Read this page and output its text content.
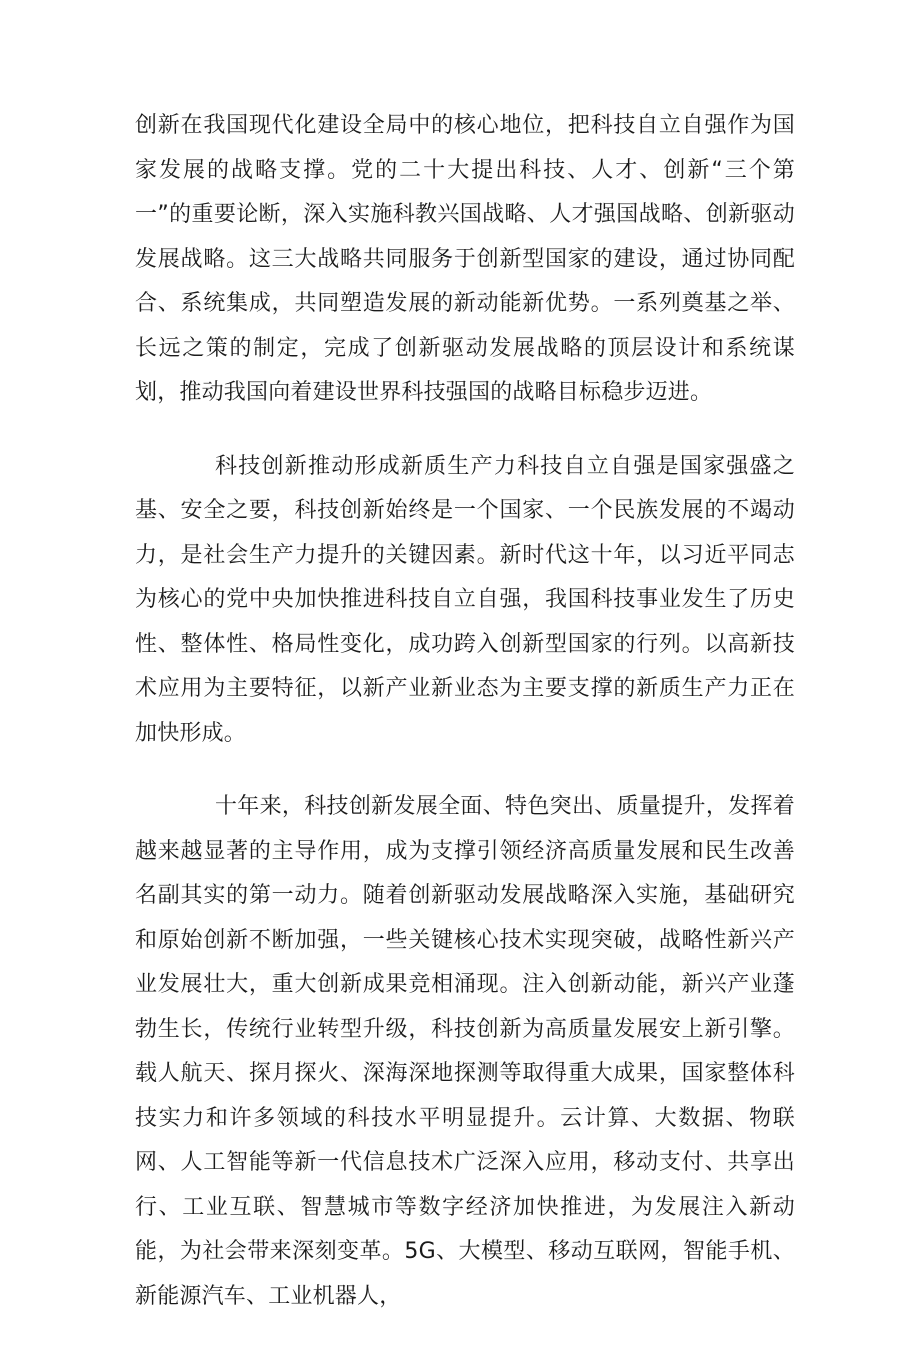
创新在我国现代化建设全局中的核心地位，把科技自立自强作为国家发展的战略支撑。党的二十大提出科技、人才、创新“三个第一”的重要论断，深入实施科教兴国战略、人才强国战略、创新驱动发展战略。这三大战略共同服务于创新型国家的建设，通过协同配合、系统集成，共同塑造发展的新动能新优势。一系列奠基之举、长远之策的制定，完成了创新驱动发展战略的顶层设计和系统谋划，推动我国向着建设世界科技强国的战略目标稳步迈进。

科技创新推动形成新质生产力科技自立自强是国家强盛之基、安全之要，科技创新始终是一个国家、一个民族发展的不竭动力，是社会生产力提升的关键因素。新时代这十年，以习近平同志为核心的党中央加快推进科技自立自强，我国科技事业发生了历史性、整体性、格局性变化，成功跨入创新型国家的行列。以高新技术应用为主要特征，以新产业新业态为主要支撑的新质生产力正在加快形成。

十年来，科技创新发展全面、特色突出、质量提升，发挥着越来越显著的主导作用，成为支撑引领经济高质量发展和民生改善名副其实的第一动力。随着创新驱动发展战略深入实施，基础研究和原始创新不断加强，一些关键核心技术实现突破，战略性新兴产业发展壮大，重大创新成果竞相涌现。注入创新动能，新兴产业蓬勃生长，传统行业转型升级，科技创新为高质量发展安上新引擎。载人航天、探月探火、深海深地探测等取得重大成果，国家整体科技实力和许多领域的科技水平明显提升。云计算、大数据、物联网、人工智能等新一代信息技术广泛深入应用，移动支付、共享出行、工业互联、智慧城市等数字经济加快推进，为发展注入新动能，为社会带来深刻变革。5G、大模型、移动互联网，智能手机、新能源汽车、工业机器人，
